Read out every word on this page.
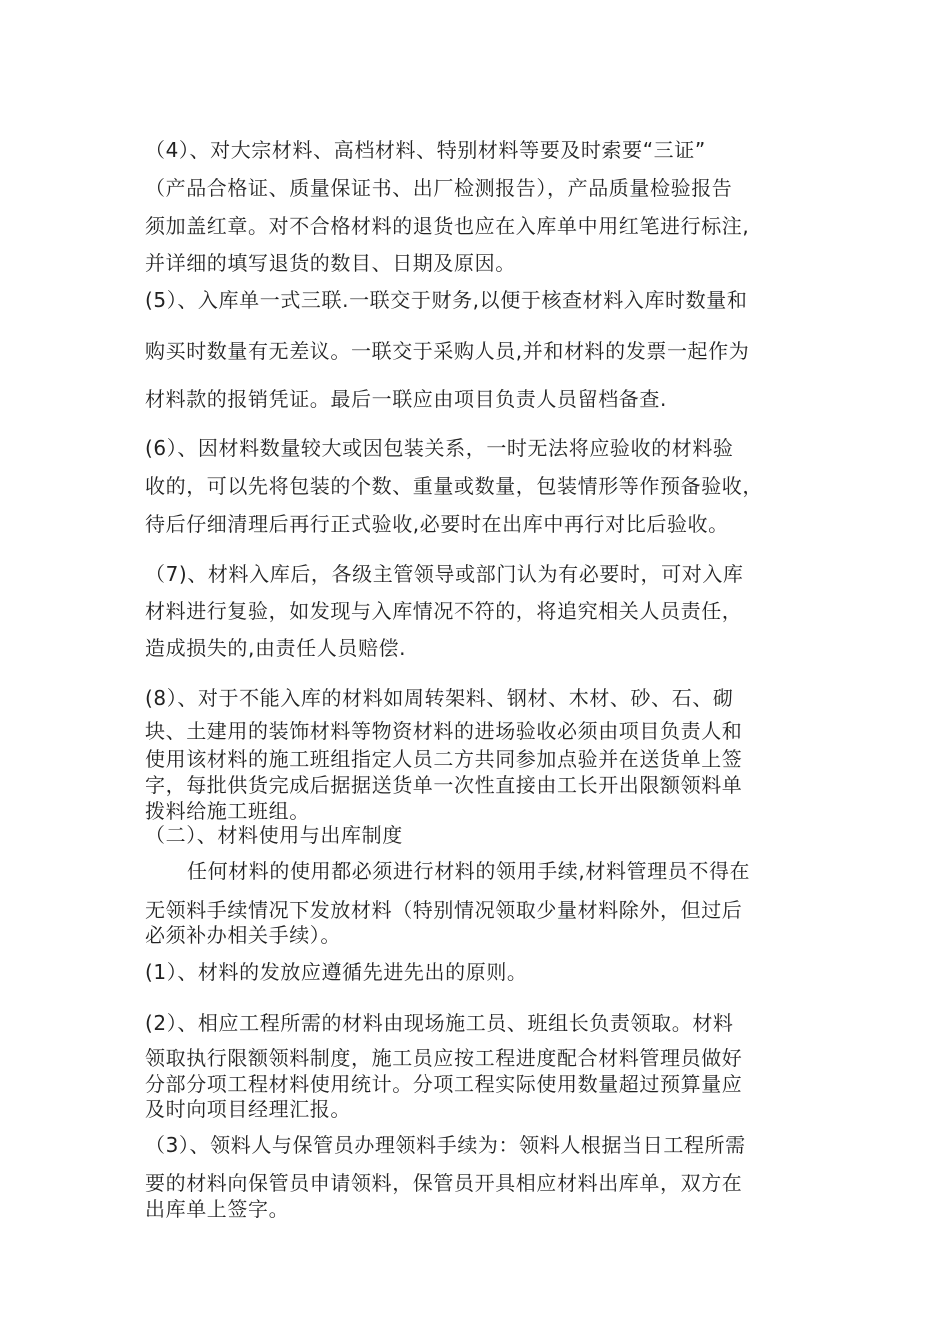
（4）、对大宗材料、高档材料、特别材料等要及时索要“三证”
（产品合格证、质量保证书、出厂检测报告），产品质量检验报告
须加盖红章。对不合格材料的退货也应在入库单中用红笔进行标注,
并详细的填写退货的数目、日期及原因。
(5）、入库单一式三联.一联交于财务,以便于核查材料入库时数量和
购买时数量有无差议。一联交于采购人员,并和材料的发票一起作为
材料款的报销凭证。最后一联应由项目负责人员留档备查.
(6）、因材料数量较大或因包装关系，一时无法将应验收的材料验
收的，可以先将包装的个数、重量或数量，包装情形等作预备验收，
待后仔细清理后再行正式验收,必要时在出库中再行对比后验收。
（7)、材料入库后，各级主管领导或部门认为有必要时，可对入库
材料进行复验，如发现与入库情况不符的，将追究相关人员责任，
造成损失的,由责任人员赔偿.
(8）、对于不能入库的材料如周转架料、钢材、木材、砂、石、砌
块、土建用的装饰材料等物资材料的进场验收必须由项目负责人和
使用该材料的施工班组指定人员二方共同参加点验并在送货单上签
字，每批供货完成后据据送货单一次性直接由工长开出限额领料单
拨料给施工班组。
（二）、材料使用与出库制度
任何材料的使用都必须进行材料的领用手续,材料管理员不得在
无领料手续情况下发放材料（特别情况领取少量材料除外，但过后
必须补办相关手续）。
(1）、材料的发放应遵循先进先出的原则。
(2）、相应工程所需的材料由现场施工员、班组长负责领取。材料
领取执行限额领料制度，施工员应按工程进度配合材料管理员做好
分部分项工程材料使用统计。分项工程实际使用数量超过预算量应
及时向项目经理汇报。
（3）、领料人与保管员办理领料手续为：领料人根据当日工程所需
要的材料向保管员申请领料，保管员开具相应材料出库单，双方在
出库单上签字。
